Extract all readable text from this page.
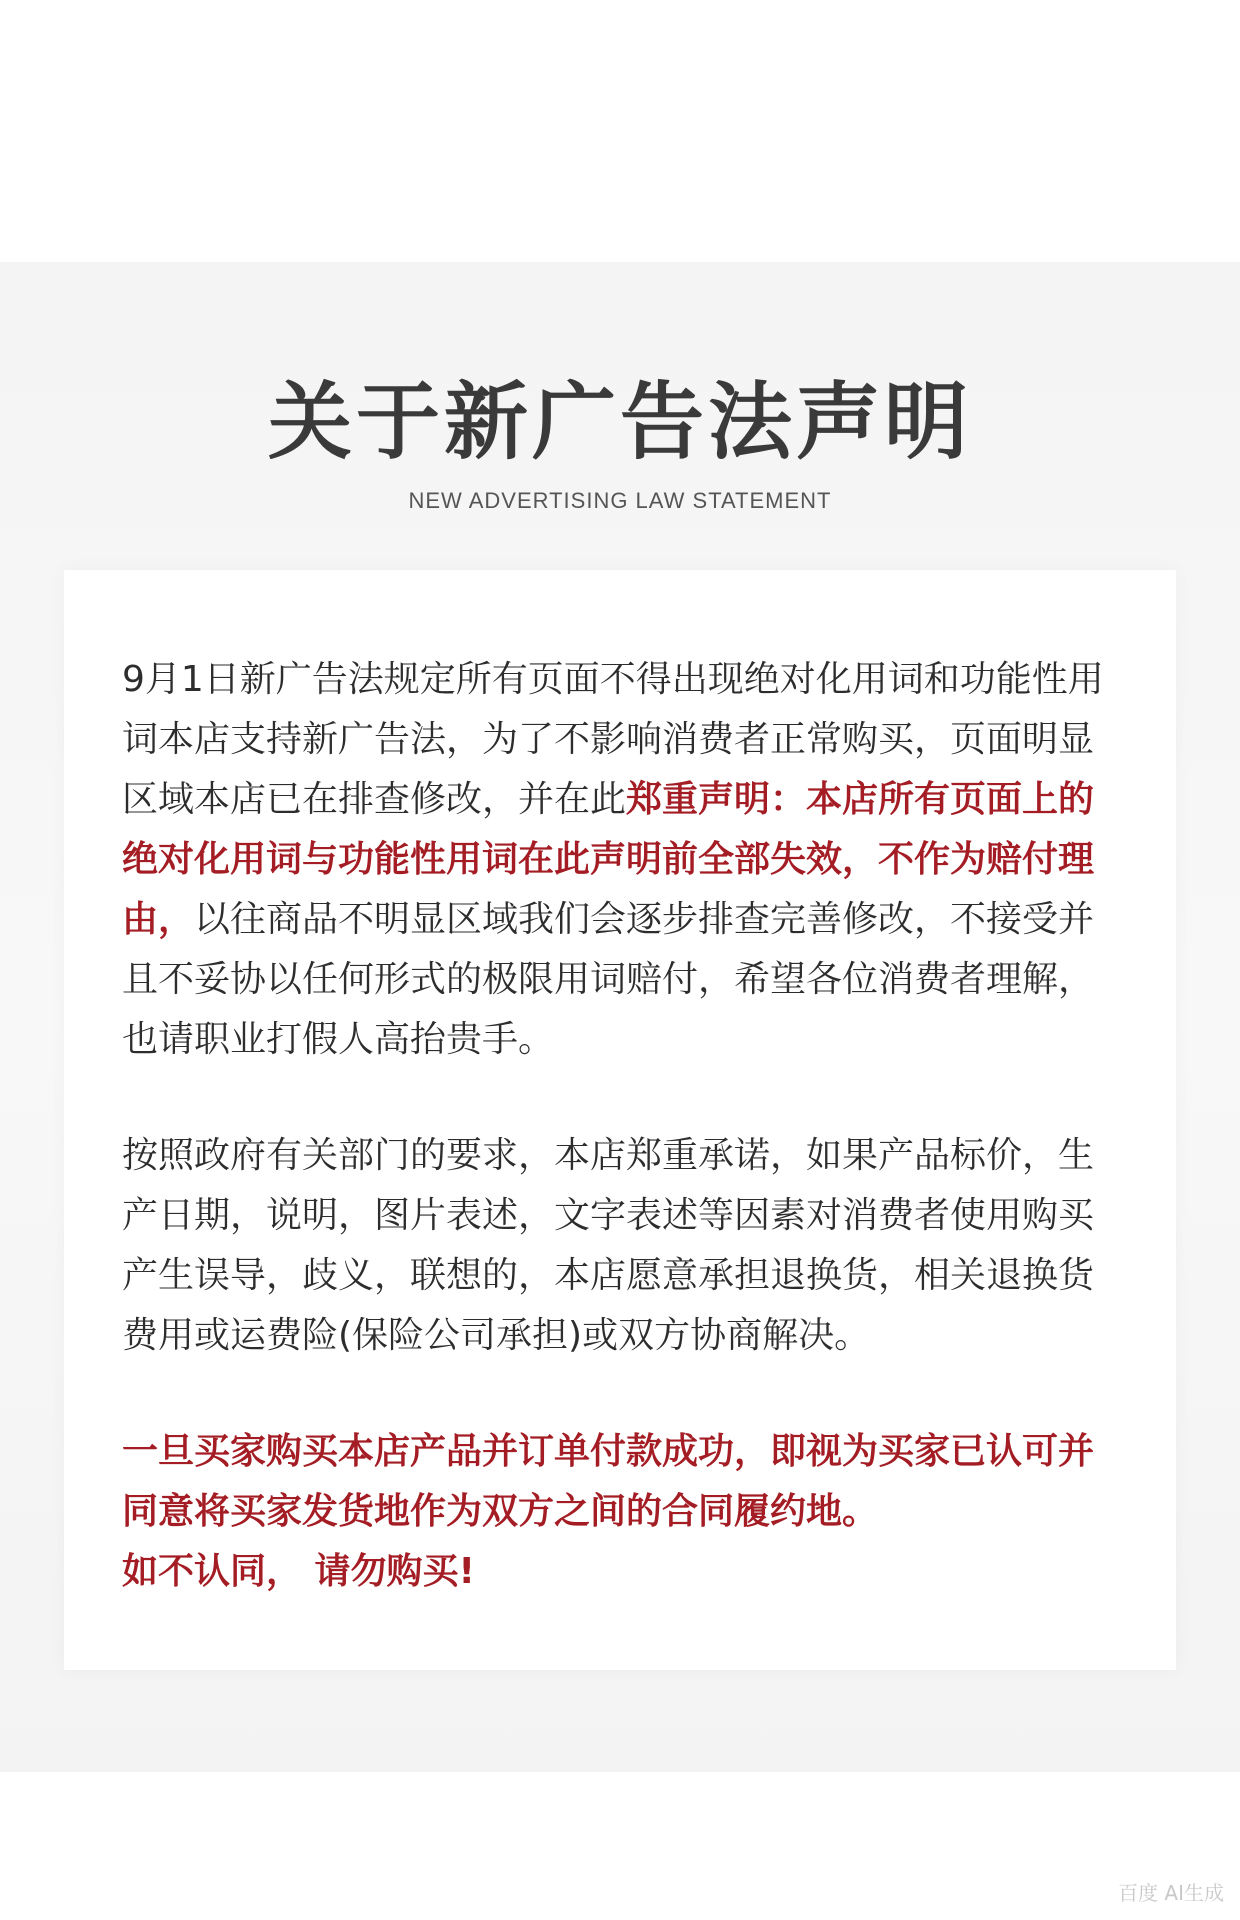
关于新广告法声明
NEW ADVERTISING LAW STATEMENT

9月1日新广告法规定所有页面不得出现绝对化用词和功能性用词本店支持新广告法，为了不影响消费者正常购买，页面明显区域本店已在排查修改，并在此郑重声明：本店所有页面上的绝对化用词与功能性用词在此声明前全部失效，不作为赔付理由，以往商品不明显区域我们会逐步排查完善修改，不接受并且不妥协以任何形式的极限用词赔付，希望各位消费者理解，也请职业打假人高抬贵手。

按照政府有关部门的要求，本店郑重承诺，如果产品标价，生产日期，说明，图片表述，文字表述等因素对消费者使用购买产生误导，歧义，联想的，本店愿意承担退换货，相关退换货费用或运费险(保险公司承担)或双方协商解决。

一旦买家购买本店产品并订单付款成功，即视为买家已认可并同意将买家发货地作为双方之间的合同履约地。

如不认同， 请勿购买!

百度 AI生成
